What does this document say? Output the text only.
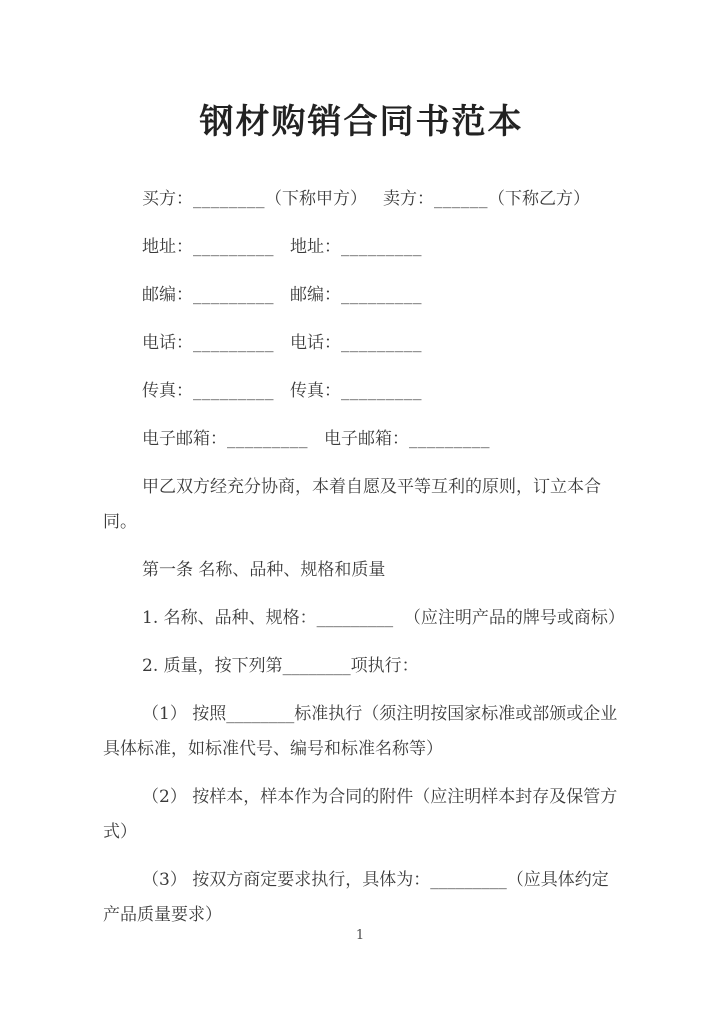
钢材购销合同书范本

买方：________（下称甲方） 卖方：______（下称乙方）

地址：_________ 地址：_________

邮编：_________ 邮编：_________

电话：_________ 电话：_________

传真：_________ 传真：_________

电子邮箱：_________ 电子邮箱：_________

甲乙双方经充分协商，本着自愿及平等互利的原则，订立本合同。

第一条 名称、品种、规格和质量

1. 名称、品种、规格：_________  （应注明产品的牌号或商标）

2. 质量，按下列第________项执行：

（1） 按照________标准执行（须注明按国家标准或部颁或企业具体标准，如标准代号、编号和标准名称等）

（2） 按样本，样本作为合同的附件（应注明样本封存及保管方式）

（3） 按双方商定要求执行，具体为：_________（应具体约定产品质量要求）

1
